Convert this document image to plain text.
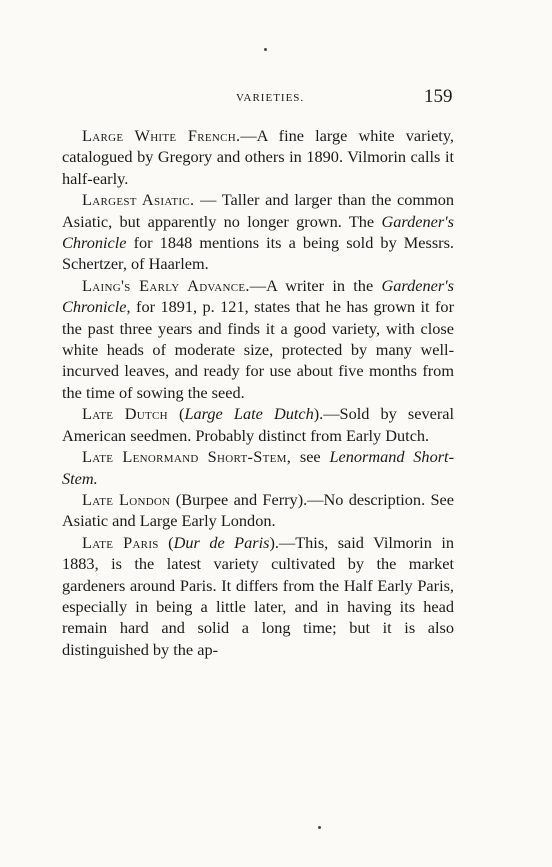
VARIETIES.	159

Large White French.—A fine large white variety, catalogued by Gregory and others in 1890. Vilmorin calls it half-early.

Largest Asiatic. — Taller and larger than the common Asiatic, but apparently no longer grown. The Gardener's Chronicle for 1848 mentions its a being sold by Messrs. Schertzer, of Haarlem.

Laing's Early Advance.—A writer in the Gardener's Chronicle, for 1891, p. 121, states that he has grown it for the past three years and finds it a good variety, with close white heads of moderate size, protected by many well-incurved leaves, and ready for use about five months from the time of sowing the seed.

Late Dutch (Large Late Dutch).—Sold by several American seedmen. Probably distinct from Early Dutch.

Late Lenormand Short-Stem, see Lenormand Short-Stem.

Late London (Burpee and Ferry).—No description. See Asiatic and Large Early London.

Late Paris (Dur de Paris).—This, said Vilmorin in 1883, is the latest variety cultivated by the market gardeners around Paris. It differs from the Half Early Paris, especially in being a little later, and in having its head remain hard and solid a long time; but it is also distinguished by the ap-
